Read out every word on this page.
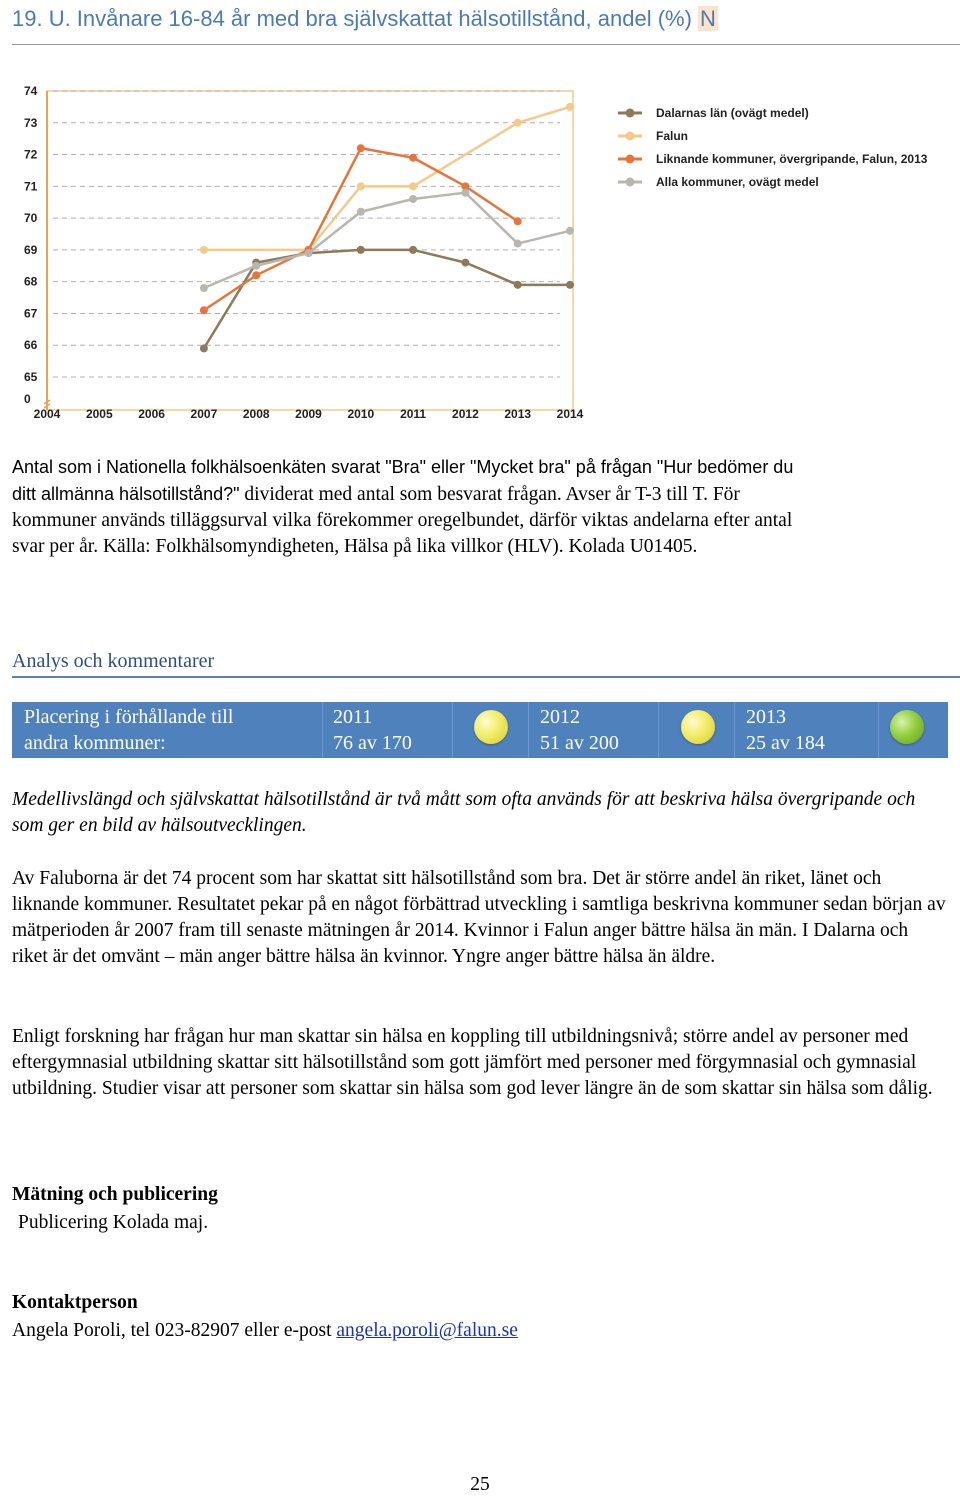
19. U. Invånare 16-84 år med bra självskattat hälsotillstånd, andel (%) N
74
73
72
71
70
69
68
67
66
65
0
2004 2005 2006 2007 2008 2009 2010 2011 2012 2013 2014
Dalarnas län (ovägt medel)
Falun
Liknande kommuner, övergripande, Falun, 2013
Alla kommuner, ovägt medel

Antal som i Nationella folkhälsoenkäten svarat "Bra" eller "Mycket bra" på frågan "Hur bedömer du
ditt allmänna hälsotillstånd?" dividerat med antal som besvarat frågan. Avser år T-3 till T. För
kommuner används tilläggsurval vilka förekommer oregelbundet, därför viktas andelarna efter antal
svar per år. Källa: Folkhälsomyndigheten, Hälsa på lika villkor (HLV). Kolada U01405.

Analys och kommentarer
Placering i förhållande till
andra kommuner:
2011
76 av 170
2012
51 av 200
2013
25 av 184

Medellivslängd och självskattat hälsotillstånd är två mått som ofta används för att beskriva hälsa övergripande och som ger en bild av hälsoutvecklingen.

Av Faluborna är det 74 procent som har skattat sitt hälsotillstånd som bra. Det är större andel än riket, länet och liknande kommuner. Resultatet pekar på en något förbättrad utveckling i samtliga beskrivna kommuner sedan början av mätperioden år 2007 fram till senaste mätningen år 2014. Kvinnor i Falun anger bättre hälsa än män. I Dalarna och riket är det omvänt – män anger bättre hälsa än kvinnor. Yngre anger bättre hälsa än äldre.

Enligt forskning har frågan hur man skattar sin hälsa en koppling till utbildningsnivå; större andel av personer med eftergymnasial utbildning skattar sitt hälsotillstånd som gott jämfört med personer med förgymnasial och gymnasial utbildning. Studier visar att personer som skattar sin hälsa som god lever längre än de som skattar sin hälsa som dålig.

Mätning och publicering
Publicering Kolada maj.
Kontaktperson
Angela Poroli, tel 023-82907 eller e-post angela.poroli@falun.se
25
